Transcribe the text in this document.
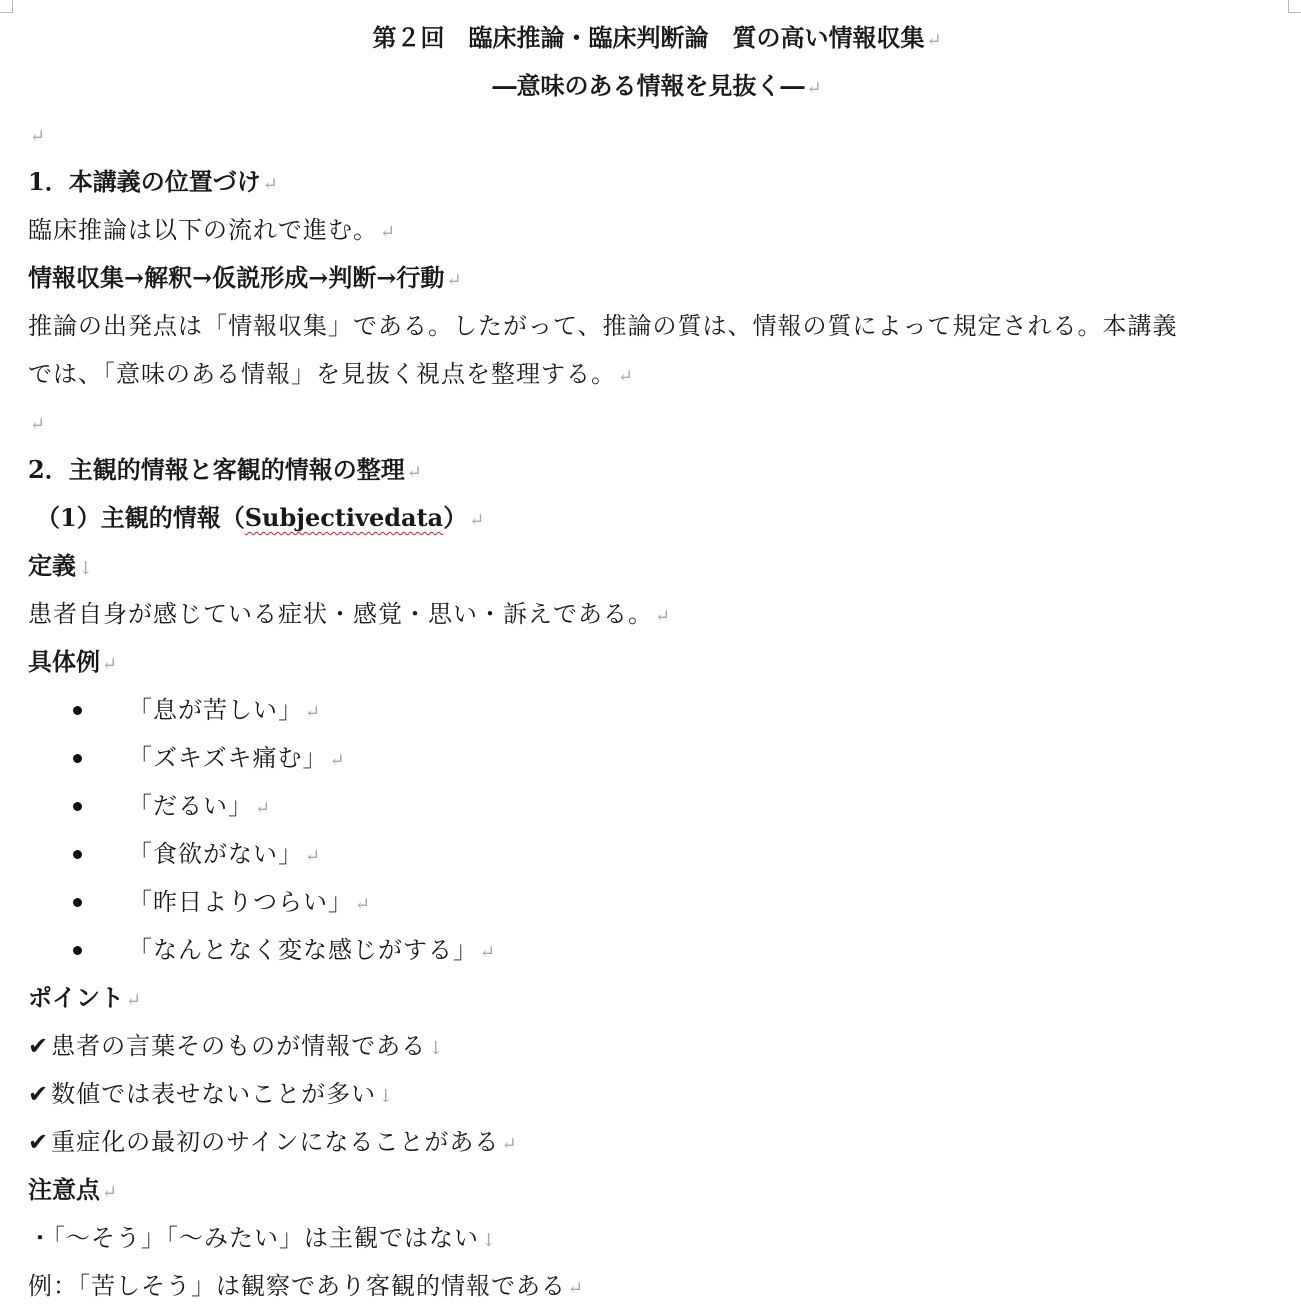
第２回　臨床推論・臨床判断論　質の高い情報収集 ↵
―意味のある情報を見抜く― ↵
↵
1．本講義の位置づけ ↵
臨床推論は以下の流れで進む。 ↵
情報収集→解釈→仮説形成→判断→行動 ↵
推論の出発点は「情報収集」である。したがって、推論の質は、情報の質によって規定される。本講義
では、「意味のある情報」を見抜く視点を整理する。 ↵
↵
2．主観的情報と客観的情報の整理 ↵
（1）主観的情報（Subjectivedata） ↵
定義 ↓
患者自身が感じている症状・感覚・思い・訴えである。 ↵
具体例 ↵
「息が苦しい」 ↵
「ズキズキ痛む」 ↵
「だるい」 ↵
「食欲がない」 ↵
「昨日よりつらい」 ↵
「なんとなく変な感じがする」 ↵
ポイント ↵
✔患者の言葉そのものが情報である ↓
✔数値では表せないことが多い ↓
✔重症化の最初のサインになることがある ↵
注意点 ↵
・「〜そう」「〜みたい」は主観ではない ↓
例：「苦しそう」は観察であり客観的情報である ↵
